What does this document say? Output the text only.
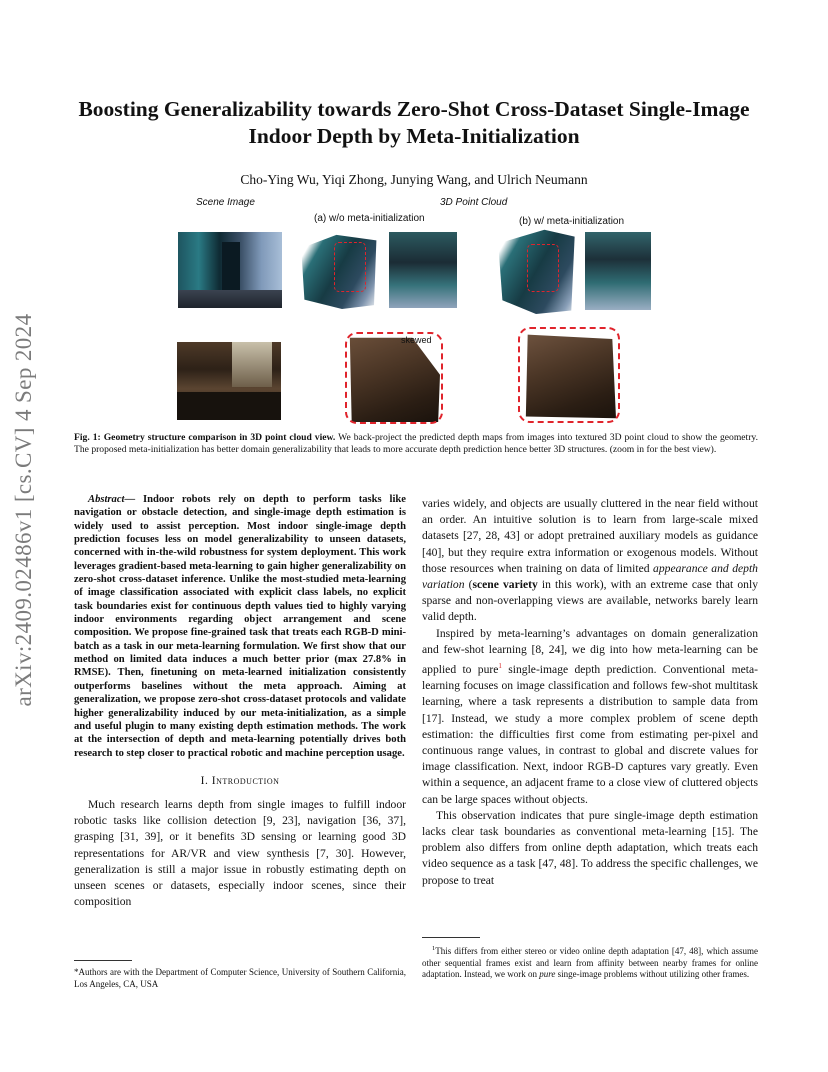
arXiv:2409.02486v1 [cs.CV] 4 Sep 2024
Boosting Generalizability towards Zero-Shot Cross-Dataset Single-Image Indoor Depth by Meta-Initialization
Cho-Ying Wu, Yiqi Zhong, Junying Wang, and Ulrich Neumann
Scene Image	3D Point Cloud
(a) w/o meta-initialization	(b) w/ meta-initialization
skewed
Fig. 1: Geometry structure comparison in 3D point cloud view. We back-project the predicted depth maps from images into textured 3D point cloud to show the geometry. The proposed meta-initialization has better domain generalizability that leads to more accurate depth prediction hence better 3D structures. (zoom in for the best view).

Abstract— Indoor robots rely on depth to perform tasks like navigation or obstacle detection, and single-image depth estimation is widely used to assist perception. Most indoor single-image depth prediction focuses less on model generalizability to unseen datasets, concerned with in-the-wild robustness for system deployment. This work leverages gradient-based meta-learning to gain higher generalizability on zero-shot cross-dataset inference. Unlike the most-studied meta-learning of image classification associated with explicit class labels, no explicit task boundaries exist for continuous depth values tied to highly varying indoor environments regarding object arrangement and scene composition. We propose fine-grained task that treats each RGB-D mini-batch as a task in our meta-learning formulation. We first show that our method on limited data induces a much better prior (max 27.8% in RMSE). Then, finetuning on meta-learned initialization consistently outperforms baselines without the meta approach. Aiming at generalization, we propose zero-shot cross-dataset protocols and validate higher generalizability induced by our meta-initialization, as a simple and useful plugin to many existing depth estimation methods. The work at the intersection of depth and meta-learning potentially drives both research to step closer to practical robotic and machine perception usage.

I. Introduction

Much research learns depth from single images to fulfill indoor robotic tasks like collision detection [9, 23], navigation [36, 37], grasping [31, 39], or it benefits 3D sensing or learning good 3D representations for AR/VR and view synthesis [7, 30]. However, generalization is still a major issue in robustly estimating depth on unseen scenes or datasets, especially indoor scenes, since their composition

*Authors are with the Department of Computer Science, University of Southern California, Los Angeles, CA, USA

varies widely, and objects are usually cluttered in the near field without an order. An intuitive solution is to learn from large-scale mixed datasets [27, 28, 43] or adopt pretrained auxiliary models as guidance [40], but they require extra information or exogenous models. Without those resources when training on data of limited appearance and depth variation (scene variety in this work), with an extreme case that only sparse and non-overlapping views are available, networks barely learn valid depth.

Inspired by meta-learning’s advantages on domain generalization and few-shot learning [8, 24], we dig into how meta-learning can be applied to pure$^1$ single-image depth prediction. Conventional meta-learning focuses on image classification and follows few-shot multitask learning, where a task represents a distribution to sample data from [17]. Instead, we study a more complex problem of scene depth estimation: the difficulties first come from estimating per-pixel and continuous range values, in contrast to global and discrete values for image classification. Next, indoor RGB-D captures vary greatly. Even within a sequence, an adjacent frame to a close view of cluttered objects can be large spaces without objects.

This observation indicates that pure single-image depth estimation lacks clear task boundaries as conventional meta-learning [15]. The problem also differs from online depth adaptation, which treats each video sequence as a task [47, 48]. To address the specific challenges, we propose to treat

$^1$This differs from either stereo or video online depth adaptation [47, 48], which assume other sequential frames exist and learn from affinity between nearby frames for online adaptation. Instead, we work on pure singe-image problems without utilizing other frames.
